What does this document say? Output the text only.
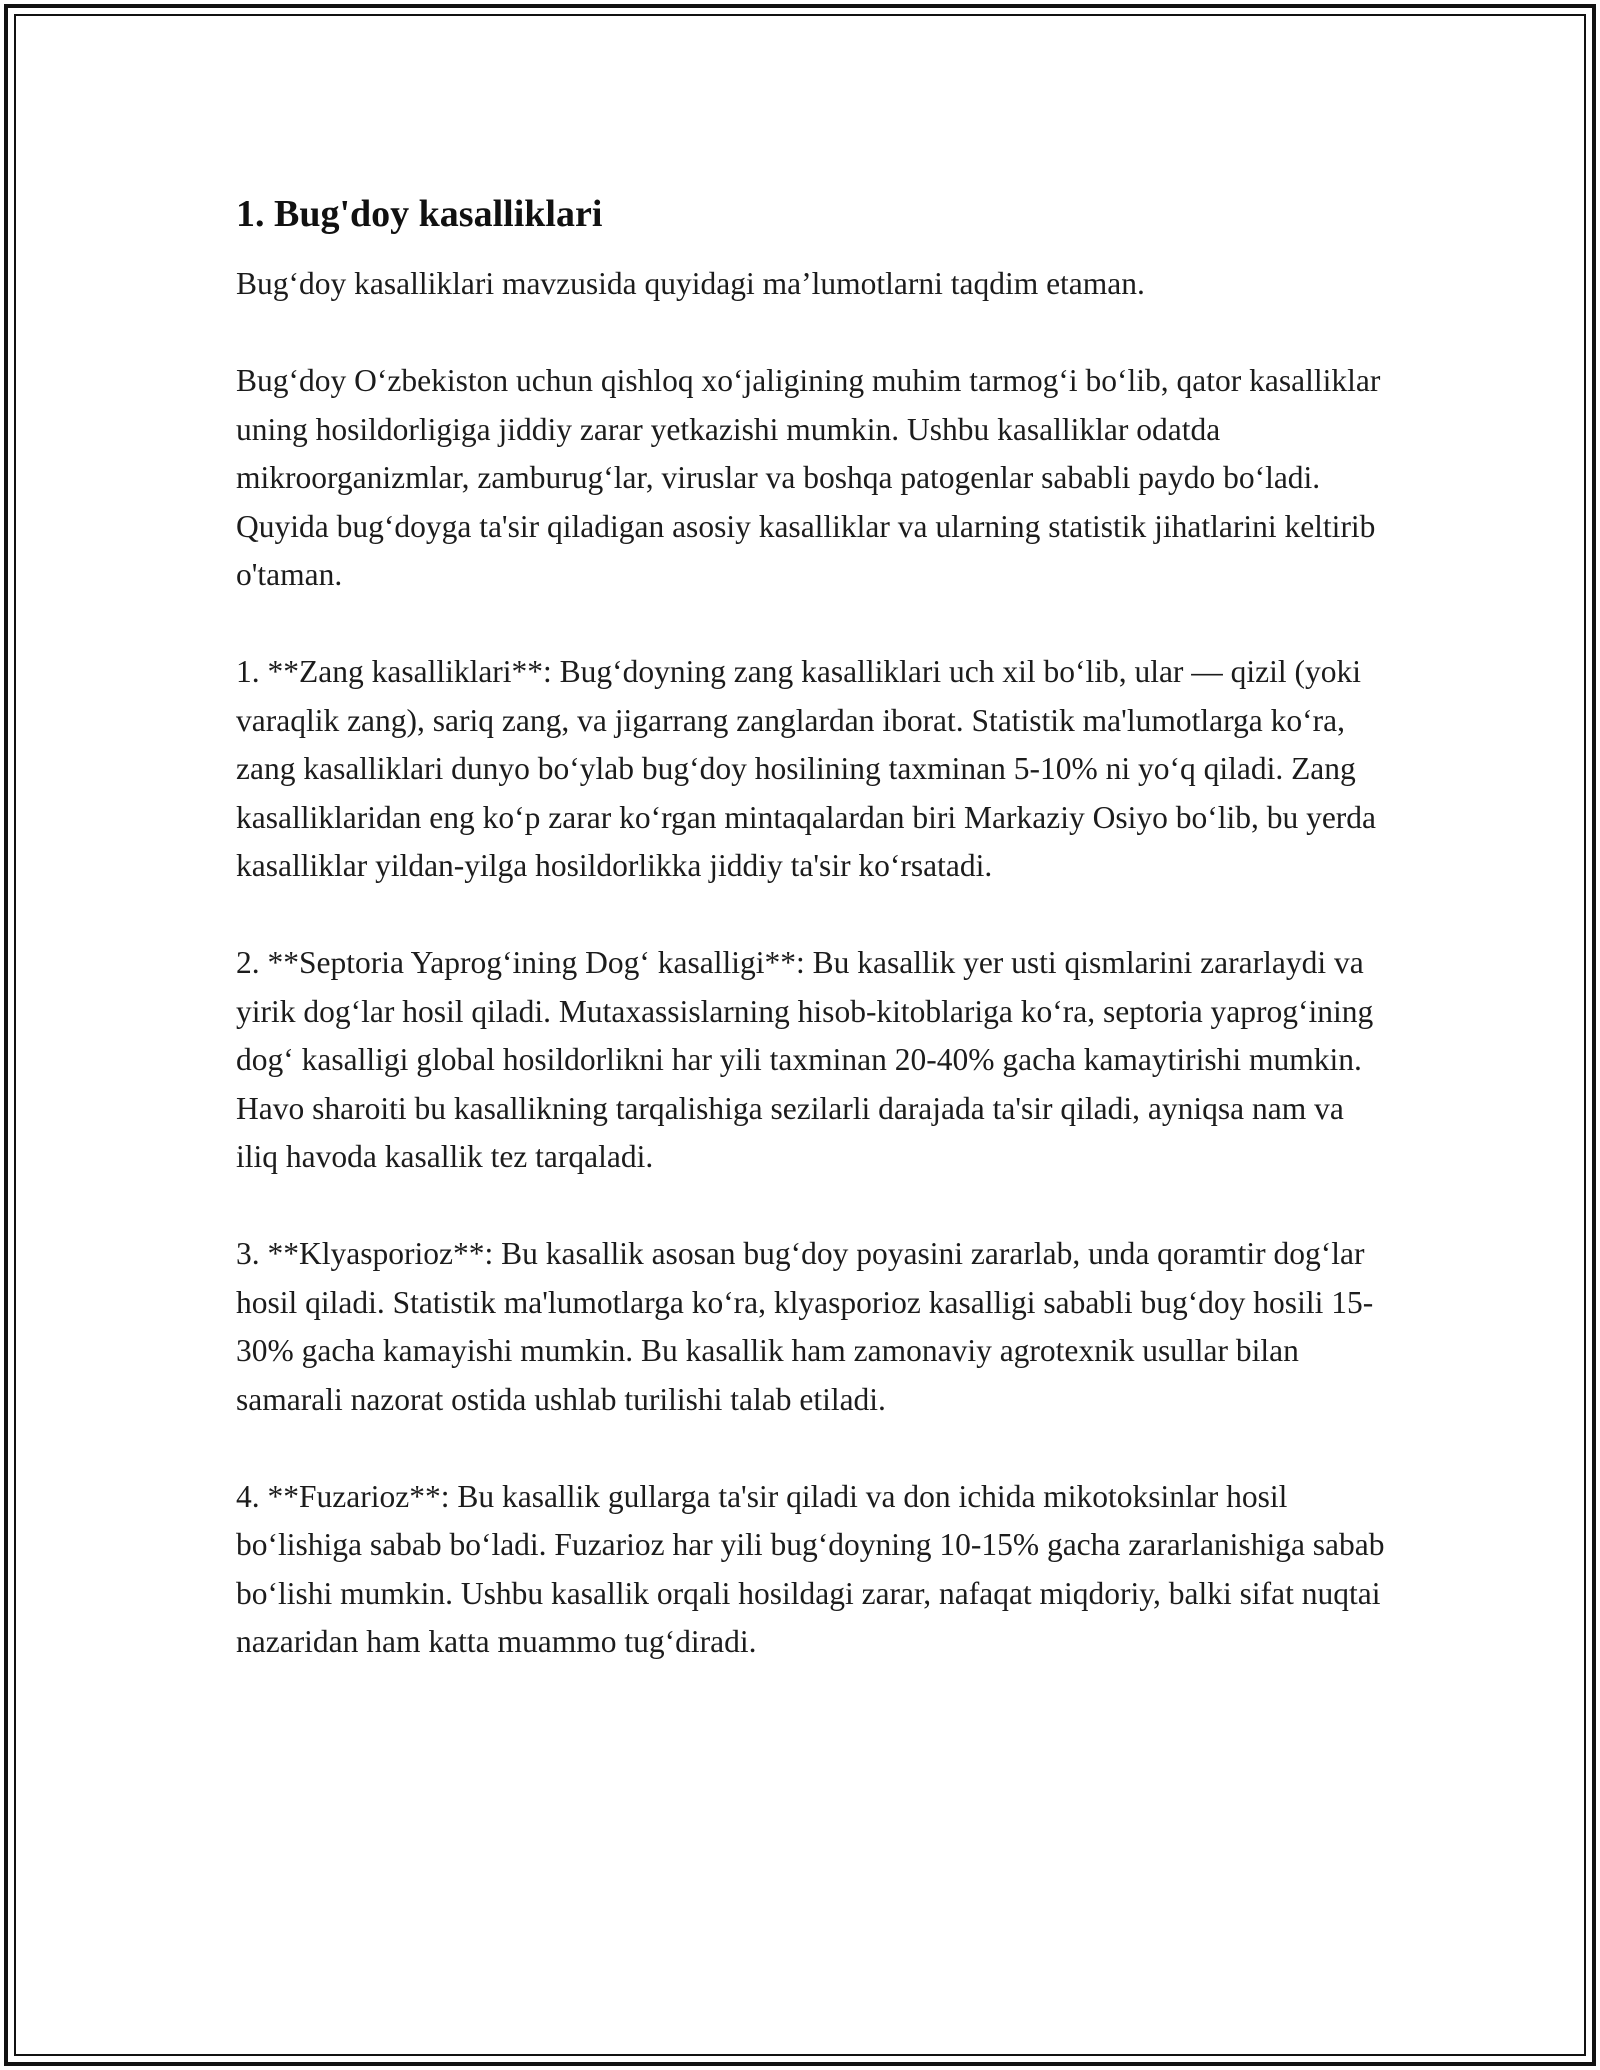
1. Bug'doy kasalliklari

Bug‘doy kasalliklari mavzusida quyidagi ma’lumotlarni taqdim etaman.

Bug‘doy O‘zbekiston uchun qishloq xo‘jaligining muhim tarmog‘i bo‘lib, qator kasalliklar uning hosildorligiga jiddiy zarar yetkazishi mumkin. Ushbu kasalliklar odatda mikroorganizmlar, zamburug‘lar, viruslar va boshqa patogenlar sababli paydo bo‘ladi. Quyida bug‘doyga ta'sir qiladigan asosiy kasalliklar va ularning statistik jihatlarini keltirib o'taman.

1. **Zang kasalliklari**: Bug‘doyning zang kasalliklari uch xil bo‘lib, ular — qizil (yoki varaqlik zang), sariq zang, va jigarrang zanglardan iborat. Statistik ma'lumotlarga ko‘ra, zang kasalliklari dunyo bo‘ylab bug‘doy hosilining taxminan 5-10% ni yo‘q qiladi. Zang kasalliklaridan eng ko‘p zarar ko‘rgan mintaqalardan biri Markaziy Osiyo bo‘lib, bu yerda kasalliklar yildan-yilga hosildorlikka jiddiy ta'sir ko‘rsatadi.

2. **Septoria Yaprog‘ining Dog‘ kasalligi**: Bu kasallik yer usti qismlarini zararlaydi va yirik dog‘lar hosil qiladi. Mutaxassislarning hisob-kitoblariga ko‘ra, septoria yaprog‘ining dog‘ kasalligi global hosildorlikni har yili taxminan 20-40% gacha kamaytirishi mumkin. Havo sharoiti bu kasallikning tarqalishiga sezilarli darajada ta'sir qiladi, ayniqsa nam va iliq havoda kasallik tez tarqaladi.

3. **Klyasporioz**: Bu kasallik asosan bug‘doy poyasini zararlab, unda qoramtir dog‘lar hosil qiladi. Statistik ma'lumotlarga ko‘ra, klyasporioz kasalligi sababli bug‘doy hosili 15-30% gacha kamayishi mumkin. Bu kasallik ham zamonaviy agrotexnik usullar bilan samarali nazorat ostida ushlab turilishi talab etiladi.

4. **Fuzarioz**: Bu kasallik gullarga ta'sir qiladi va don ichida mikotoksinlar hosil bo‘lishiga sabab bo‘ladi. Fuzarioz har yili bug‘doyning 10-15% gacha zararlanishiga sabab bo‘lishi mumkin. Ushbu kasallik orqali hosildagi zarar, nafaqat miqdoriy, balki sifat nuqtai nazaridan ham katta muammo tug‘diradi.
